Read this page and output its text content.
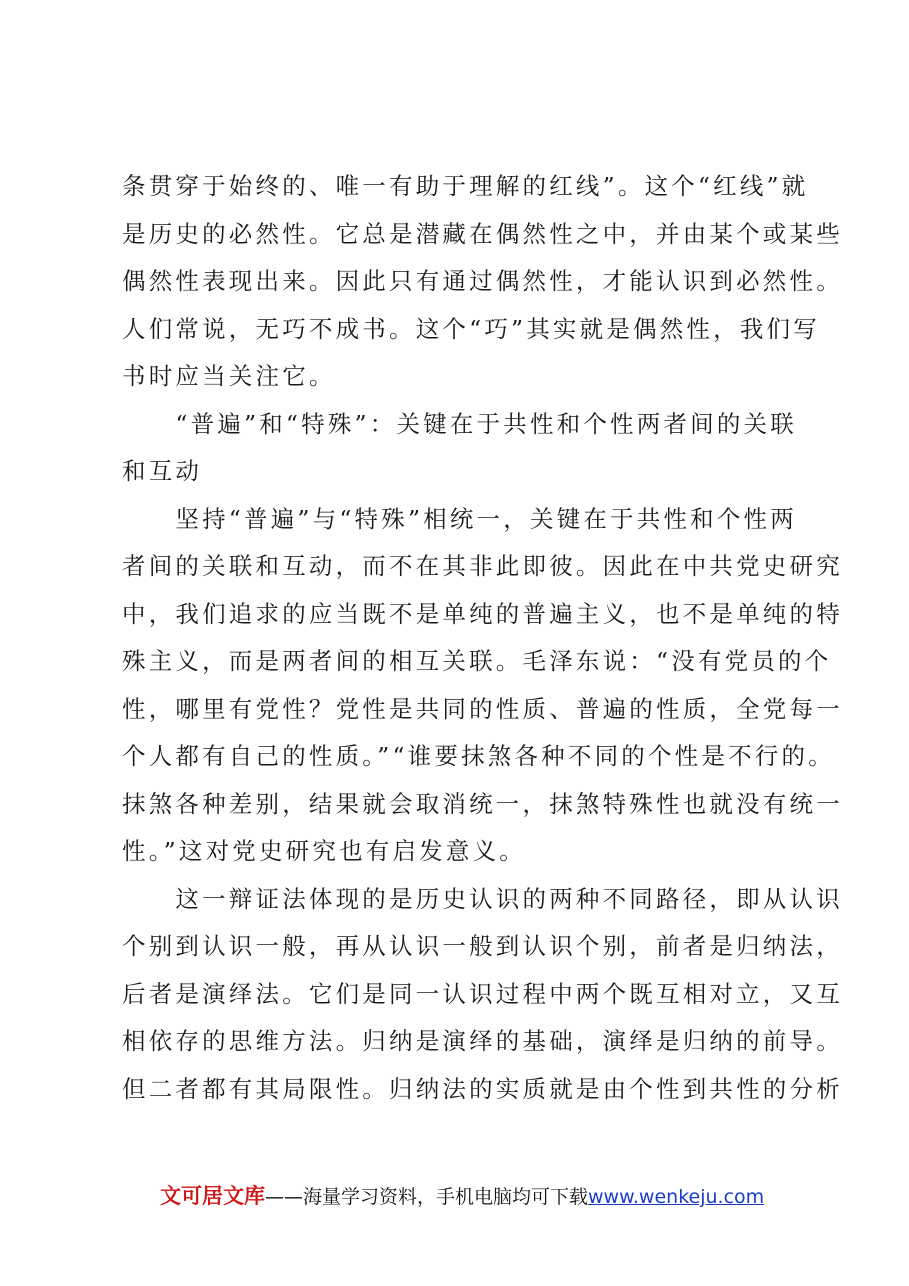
条贯穿于始终的、唯一有助于理解的红线”。这个“红线”就
是历史的必然性。它总是潜藏在偶然性之中，并由某个或某些
偶然性表现出来。因此只有通过偶然性，才能认识到必然性。
人们常说，无巧不成书。这个“巧”其实就是偶然性，我们写
书时应当关注它。
　　“普遍”和“特殊”：关键在于共性和个性两者间的关联
和互动
　　坚持“普遍”与“特殊”相统一，关键在于共性和个性两
者间的关联和互动，而不在其非此即彼。因此在中共党史研究
中，我们追求的应当既不是单纯的普遍主义，也不是单纯的特
殊主义，而是两者间的相互关联。毛泽东说：“没有党员的个
性，哪里有党性？党性是共同的性质、普遍的性质，全党每一
个人都有自己的性质。”“谁要抹煞各种不同的个性是不行的。
抹煞各种差别，结果就会取消统一，抹煞特殊性也就没有统一
性。”这对党史研究也有启发意义。
　　这一辩证法体现的是历史认识的两种不同路径，即从认识
个别到认识一般，再从认识一般到认识个别，前者是归纳法，
后者是演绎法。它们是同一认识过程中两个既互相对立，又互
相依存的思维方法。归纳是演绎的基础，演绎是归纳的前导。
但二者都有其局限性。归纳法的实质就是由个性到共性的分析
文可居文库——海量学习资料，手机电脑均可下载www.wenkeju.com
